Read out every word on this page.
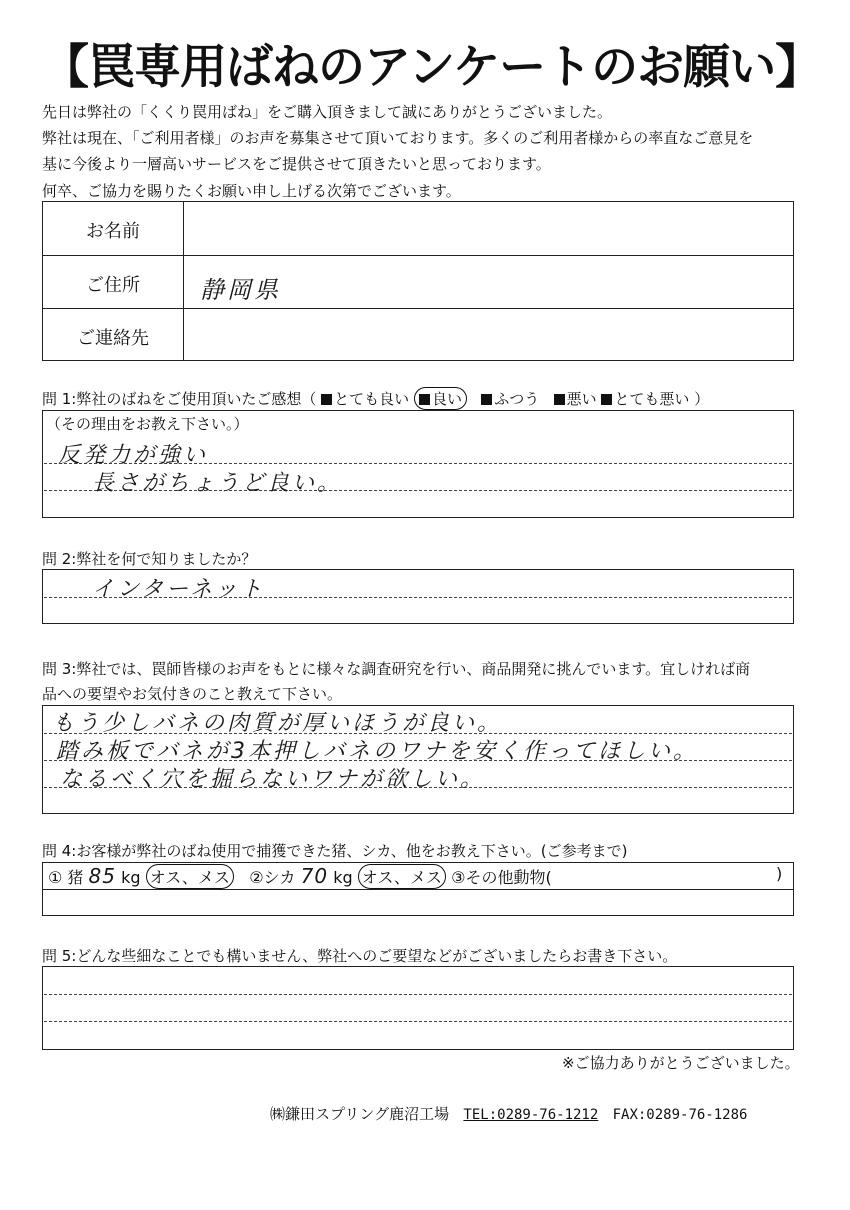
【罠専用ばねのアンケートのお願い】
先日は弊社の「くくり罠用ばね」をご購入頂きまして誠にありがとうございました。
弊社は現在、「ご利用者様」のお声を募集させて頂いております。多くのご利用者様からの率直なご意見を
基に今後より一層高いサービスをご提供させて頂きたいと思っております。
何卒、ご協力を賜りたくお願い申し上げる次第でございます。
お名前
ご住所	静岡県
ご連絡先
問 1:弊社のばねをご使用頂いたご感想（ とても良い 良い ふつう 悪い とても悪い ）
（その理由をお教え下さい。）
反発力が強い
長さがちょうど良い。
問 2:弊社を何で知りましたか？
インターネット
問 3:弊社では、罠師皆様のお声をもとに様々な調査研究を行い、商品開発に挑んでいます。宜しければ商
品への要望やお気付きのこと教えて下さい。
もう少しバネの肉質が厚いほうが良い。
踏み板でバネが3本押しバネのワナを安く作ってほしい。
なるべく穴を掘らないワナが欲しい。
問 4:お客様が弊社のばね使用で捕獲できた猪、シカ、他をお教え下さい。(ご参考まで)
① 猪 85 kg オス、メス ②シカ 70 kg オス、メス ③その他動物(	)
問 5:どんな些細なことでも構いません、弊社へのご要望などがございましたらお書き下さい。
※ご協力ありがとうございました。
㈱鎌田スプリング鹿沼工場 TEL:0289-76-1212 FAX:0289-76-1286
